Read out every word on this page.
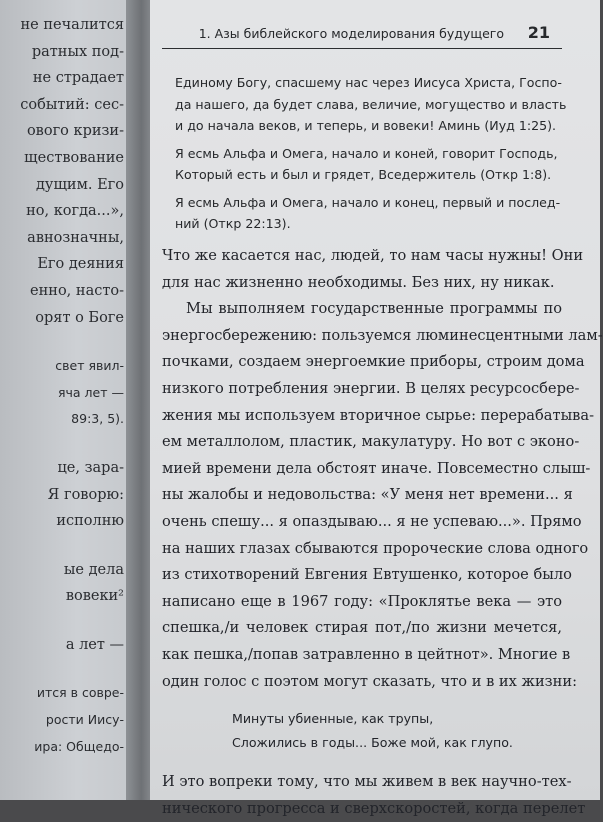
не печалится
ратных под-
не страдает
событий: сес-
ового кризи-
ществование
дущим. Его
но, когда...»,
авнозначны,
Его деяния
енно, насто-
орят о Боге
свет явил-
яча лет —
89:3, 5).
це, зара-
Я говорю:
исполню
ые дела
вовеки²
а лет —
ится в совре-
рости Иису-
ира: Общедо-
1. Азы библейского моделирования будущего 21
Единому Богу, спасшему нас через Иисуса Христа, Госпо-
да нашего, да будет слава, величие, могущество и власть
и до начала веков, и теперь, и вовеки! Аминь (Иуд 1:25).
Я есмь Альфа и Омега, начало и коней, говорит Господь,
Который есть и был и грядет, Вседержитель (Откр 1:8).
Я есмь Альфа и Омега, начало и конец, первый и послед-
ний (Откр 22:13).

Что же касается нас, людей, то нам часы нужны! Они
для нас жизненно необходимы. Без них, ну никак.

Мы выполняем государственные программы по
энергосбережению: пользуемся люминесцентными лам-
почками, создаем энергоемкие приборы, строим дома
низкого потребления энергии. В целях ресурсосбере-
жения мы используем вторичное сырье: перерабатыва-
ем металлолом, пластик, макулатуру. Но вот с эконо-
мией времени дела обстоят иначе. Повсеместно слыш-
ны жалобы и недовольства: «У меня нет времени... я
очень спешу... я опаздываю... я не успеваю...». Прямо
на наших глазах сбываются пророческие слова одного
из стихотворений Евгения Евтушенко, которое было
написано еще в 1967 году: «Проклятье века — это
спешка,/и человек стирая пот,/по жизни мечется,
как пешка,/попав затравленно в цейтнот». Многие в
один голос с поэтом могут сказать, что и в их жизни:

Минуты убиенные, как трупы,
Сложились в годы... Боже мой, как глупо.

И это вопреки тому, что мы живем в век научно-тех-
нического прогресса и сверхскоростей, когда перелет
